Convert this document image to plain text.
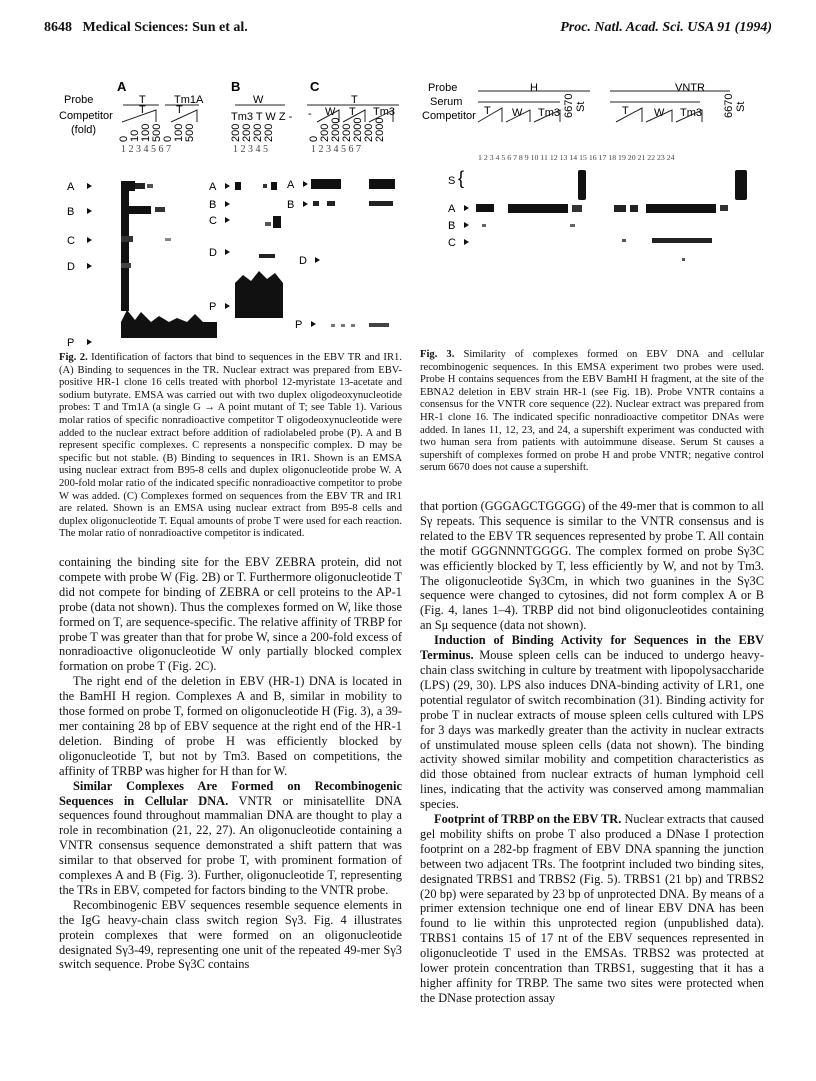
8648 Medical Sciences: Sun et al.	Proc. Natl. Acad. Sci. USA 91 (1994)
A
Probe	T	Tm1A
Competitor T	T
(fold)
0 10 100 500 0 100 500
1 2 3 4 5 6 7
A
B
C
D
P
B
W
Tm3 T W Z -
200 200 200 200
1 2 3 4 5
A
B
C
D
P
C
T
- W T Tm3
0 200 2000 200 2000 200 2000
1 2 3 4 5 6 7
A
B
D
P
Probe	H	VNTR
Serum
Competitor	6670 St	6670 St
T W Tm3	T W Tm3
1 2 3 4 5 6 7 8 9 10 11 12 13 14 15 16 17 18 19 20 21 22 23 24
S {
A
B
C
Fig. 2. Identification of factors that bind to sequences in the EBV TR and IR1. (A) Binding to sequences in the TR. Nuclear extract was prepared from EBV-positive HR-1 clone 16 cells treated with phorbol 12-myristate 13-acetate and sodium butyrate. EMSA was carried out with two duplex oligodeoxynucleotide probes: T and Tm1A (a single G → A point mutant of T; see Table 1). Various molar ratios of specific nonradioactive competitor T oligodeoxynucleotide were added to the nuclear extract before addition of radiolabeled probe (P). A and B represent specific complexes. C represents a nonspecific complex. D may be specific but not stable. (B) Binding to sequences in IR1. Shown is an EMSA using nuclear extract from B95-8 cells and duplex oligonucleotide probe W. A 200-fold molar ratio of the indicated specific nonradioactive competitor to probe W was added. (C) Complexes formed on sequences from the EBV TR and IR1 are related. Shown is an EMSA using nuclear extract from B95-8 cells and duplex oligonucleotide T. Equal amounts of probe T were used for each reaction. The molar ratio of nonradioactive competitor is indicated.
Fig. 3. Similarity of complexes formed on EBV DNA and cellular recombinogenic sequences. In this EMSA experiment two probes were used. Probe H contains sequences from the EBV BamHI H fragment, at the site of the EBNA2 deletion in EBV strain HR-1 (see Fig. 1B). Probe VNTR contains a consensus for the VNTR core sequence (22). Nuclear extract was prepared from HR-1 clone 16. The indicated specific nonradioactive competitor DNAs were added. In lanes 11, 12, 23, and 24, a supershift experiment was conducted with two human sera from patients with autoimmune disease. Serum St causes a supershift of complexes formed on probe H and probe VNTR; negative control serum 6670 does not cause a supershift.

containing the binding site for the EBV ZEBRA protein, did not compete with probe W (Fig. 2B) or T. Furthermore oligonucleotide T did not compete for binding of ZEBRA or cell proteins to the AP-1 probe (data not shown). Thus the complexes formed on W, like those formed on T, are sequence-specific. The relative affinity of TRBP for probe T was greater than that for probe W, since a 200-fold excess of nonradioactive oligonucleotide W only partially blocked complex formation on probe T (Fig. 2C).

The right end of the deletion in EBV (HR-1) DNA is located in the BamHI H region. Complexes A and B, similar in mobility to those formed on probe T, formed on oligonucleotide H (Fig. 3), a 39-mer containing 28 bp of EBV sequence at the right end of the HR-1 deletion. Binding of probe H was efficiently blocked by oligonucleotide T, but not by Tm3. Based on competitions, the affinity of TRBP was higher for H than for W.

Similar Complexes Are Formed on Recombinogenic Sequences in Cellular DNA. VNTR or minisatellite DNA sequences found throughout mammalian DNA are thought to play a role in recombination (21, 22, 27). An oligonucleotide containing a VNTR consensus sequence demonstrated a shift pattern that was similar to that observed for probe T, with prominent formation of complexes A and B (Fig. 3). Further, oligonucleotide T, representing the TRs in EBV, competed for factors binding to the VNTR probe.

Recombinogenic EBV sequences resemble sequence elements in the IgG heavy-chain class switch region Sγ3. Fig. 4 illustrates protein complexes that were formed on an oligonucleotide designated Sγ3-49, representing one unit of the repeated 49-mer Sγ3 switch sequence. Probe Sγ3C contains

that portion (GGGAGCTGGGG) of the 49-mer that is common to all Sγ repeats. This sequence is similar to the VNTR consensus and is related to the EBV TR sequences represented by probe T. All contain the motif GGGNNNTGGGG. The complex formed on probe Sγ3C was efficiently blocked by T, less efficiently by W, and not by Tm3. The oligonucleotide Sγ3Cm, in which two guanines in the Sγ3C sequence were changed to cytosines, did not form complex A or B (Fig. 4, lanes 1–4). TRBP did not bind oligonucleotides containing an Sμ sequence (data not shown).

Induction of Binding Activity for Sequences in the EBV Terminus. Mouse spleen cells can be induced to undergo heavy-chain class switching in culture by treatment with lipopolysaccharide (LPS) (29, 30). LPS also induces DNA-binding activity of LR1, one potential regulator of switch recombination (31). Binding activity for probe T in nuclear extracts of mouse spleen cells cultured with LPS for 3 days was markedly greater than the activity in nuclear extracts of unstimulated mouse spleen cells (data not shown). The binding activity showed similar mobility and competition characteristics as did those obtained from nuclear extracts of human lymphoid cell lines, indicating that the activity was conserved among mammalian species.

Footprint of TRBP on the EBV TR. Nuclear extracts that caused gel mobility shifts on probe T also produced a DNase I protection footprint on a 282-bp fragment of EBV DNA spanning the junction between two adjacent TRs. The footprint included two binding sites, designated TRBS1 and TRBS2 (Fig. 5). TRBS1 (21 bp) and TRBS2 (20 bp) were separated by 23 bp of unprotected DNA. By means of a primer extension technique one end of linear EBV DNA has been found to lie within this unprotected region (unpublished data). TRBS1 contains 15 of 17 nt of the EBV sequences represented in oligonucleotide T used in the EMSAs. TRBS2 was protected at lower protein concentration than TRBS1, suggesting that it has a higher affinity for TRBP. The same two sites were protected when the DNase protection assay
